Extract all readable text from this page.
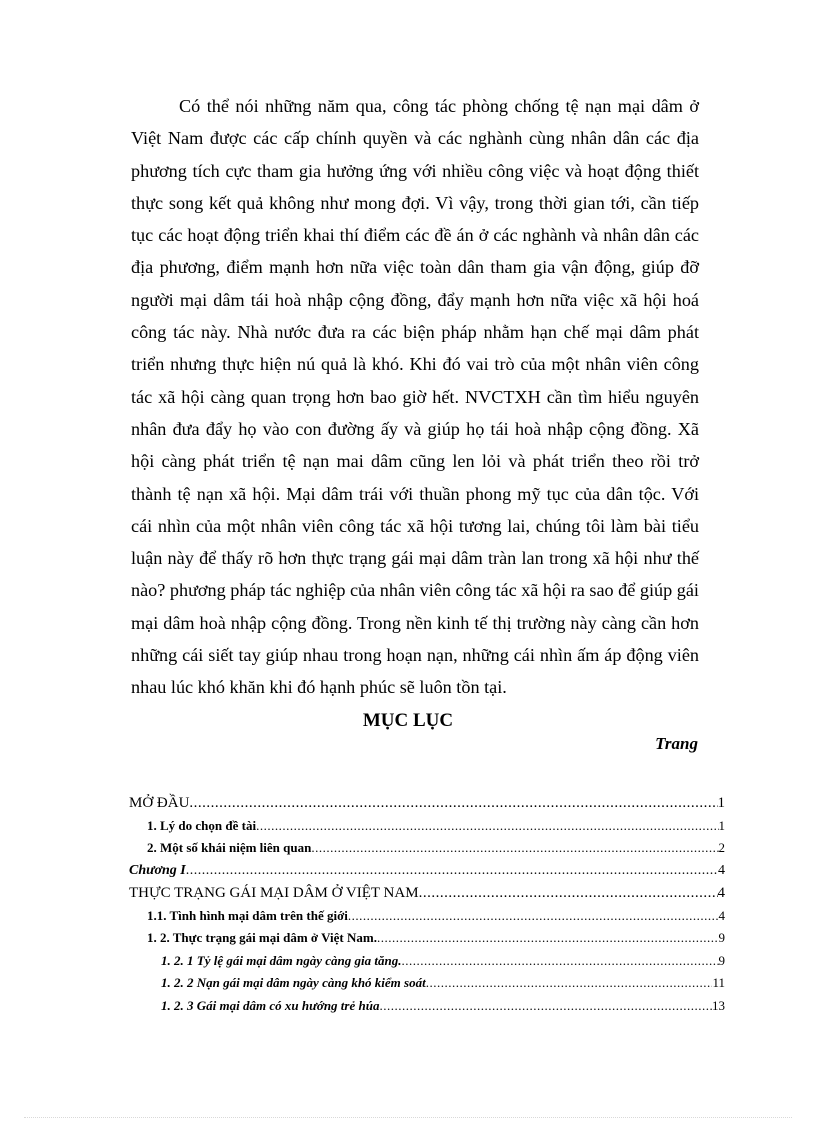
Có thể nói những năm qua, công tác phòng chống tệ nạn mại dâm ở Việt Nam được các cấp chính quyền và các nghành cùng nhân dân các địa phương tích cực tham gia hưởng ứng với nhiều công việc và hoạt động thiết thực song kết quả không như mong đợi. Vì vậy, trong thời gian tới, cần tiếp tục các hoạt động triển khai thí điểm các đề án ở các nghành và nhân dân các địa phương, điểm mạnh hơn nữa việc toàn dân tham gia vận động, giúp đỡ người mại dâm tái hoà nhập cộng đồng, đẩy mạnh hơn nữa việc xã hội hoá công tác này. Nhà nước đưa ra các biện pháp nhằm hạn chế mại dâm phát triển nhưng thực hiện nú quả là khó. Khi đó vai trò của một nhân viên công tác xã hội càng quan trọng hơn bao giờ hết. NVCTXH cần tìm hiểu nguyên nhân đưa đẩy họ vào con đường ấy và giúp họ tái hoà nhập cộng đồng. Xã hội càng phát triển tệ nạn mai dâm cũng len lỏi và phát triển theo rồi trở thành tệ nạn xã hội. Mại dâm trái với thuần phong mỹ tục của dân tộc. Với cái nhìn của một nhân viên công tác xã hội tương lai, chúng tôi làm bài tiểu luận này để thấy rõ hơn thực trạng gái mại dâm tràn lan trong xã hội như thế nào? phương pháp tác nghiệp của nhân viên công tác xã hội ra sao để giúp gái mại dâm hoà nhập cộng đồng. Trong nền kinh tế thị trường này càng cần hơn những cái siết tay giúp nhau trong hoạn nạn, những cái nhìn ấm áp động viên nhau lúc khó khăn khi đó hạnh phúc sẽ luôn tồn tại.

MỤC LỤC
Trang
MỞ ĐẦU .....	1
1. Lý do chọn đề tài .....	1
2. Một số khái niệm liên quan .....	2
Chương I .....	4
THỰC TRẠNG GÁI MẠI DÂM Ở VIỆT NAM .....	4
1.1. Tình hình mại dâm trên thế giới .....	4
1. 2. Thực trạng gái mại dâm ở Việt Nam. .....	9
1. 2. 1 Tỷ lệ gái mại dâm ngày càng gia tăng. .....	9
1. 2. 2 Nạn gái mại dâm ngày càng khó kiểm soát .....	11
1. 2. 3 Gái mại dâm có xu hướng trẻ húa .....	13
